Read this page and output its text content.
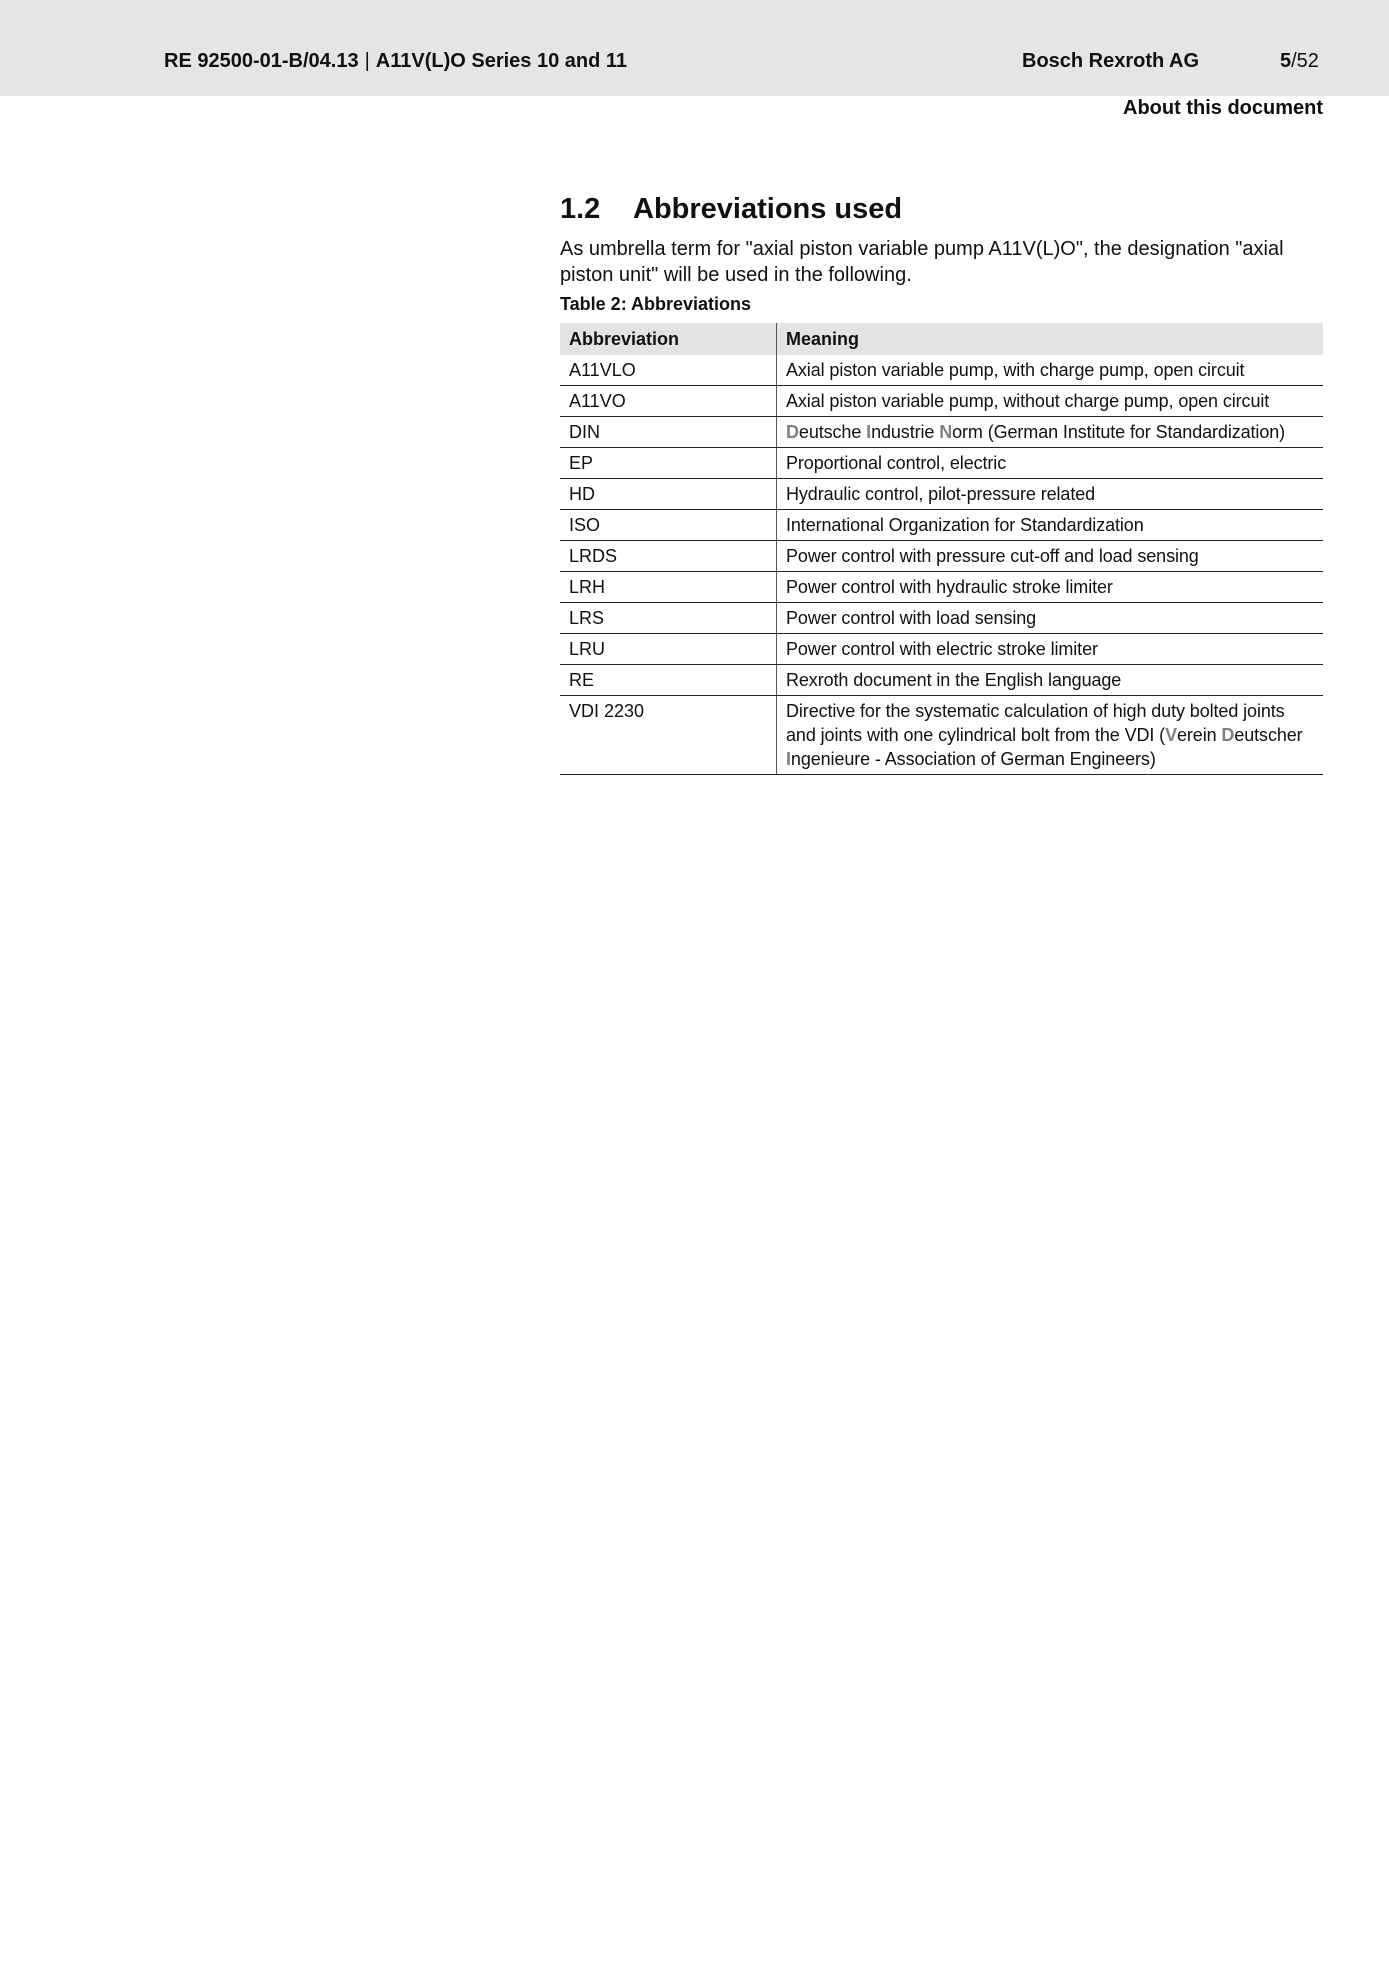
RE 92500-01-B/04.13 | A11V(L)O Series 10 and 11	Bosch Rexroth AG	5/52
About this document
1.2 Abbreviations used

As umbrella term for "axial piston variable pump A11V(L)O", the designation "axial piston unit" will be used in the following.

Table 2: Abbreviations
Abbreviation	Meaning
A11VLO	Axial piston variable pump, with charge pump, open circuit
A11VO	Axial piston variable pump, without charge pump, open circuit
DIN	Deutsche Industrie Norm (German Institute for Standardization)
EP	Proportional control, electric
HD	Hydraulic control, pilot-pressure related
ISO	International Organization for Standardization
LRDS	Power control with pressure cut-off and load sensing
LRH	Power control with hydraulic stroke limiter
LRS	Power control with load sensing
LRU	Power control with electric stroke limiter
RE	Rexroth document in the English language
VDI 2230	Directive for the systematic calculation of high duty bolted joints and joints with one cylindrical bolt from the VDI (Verein Deutscher Ingenieure - Association of German Engineers)
